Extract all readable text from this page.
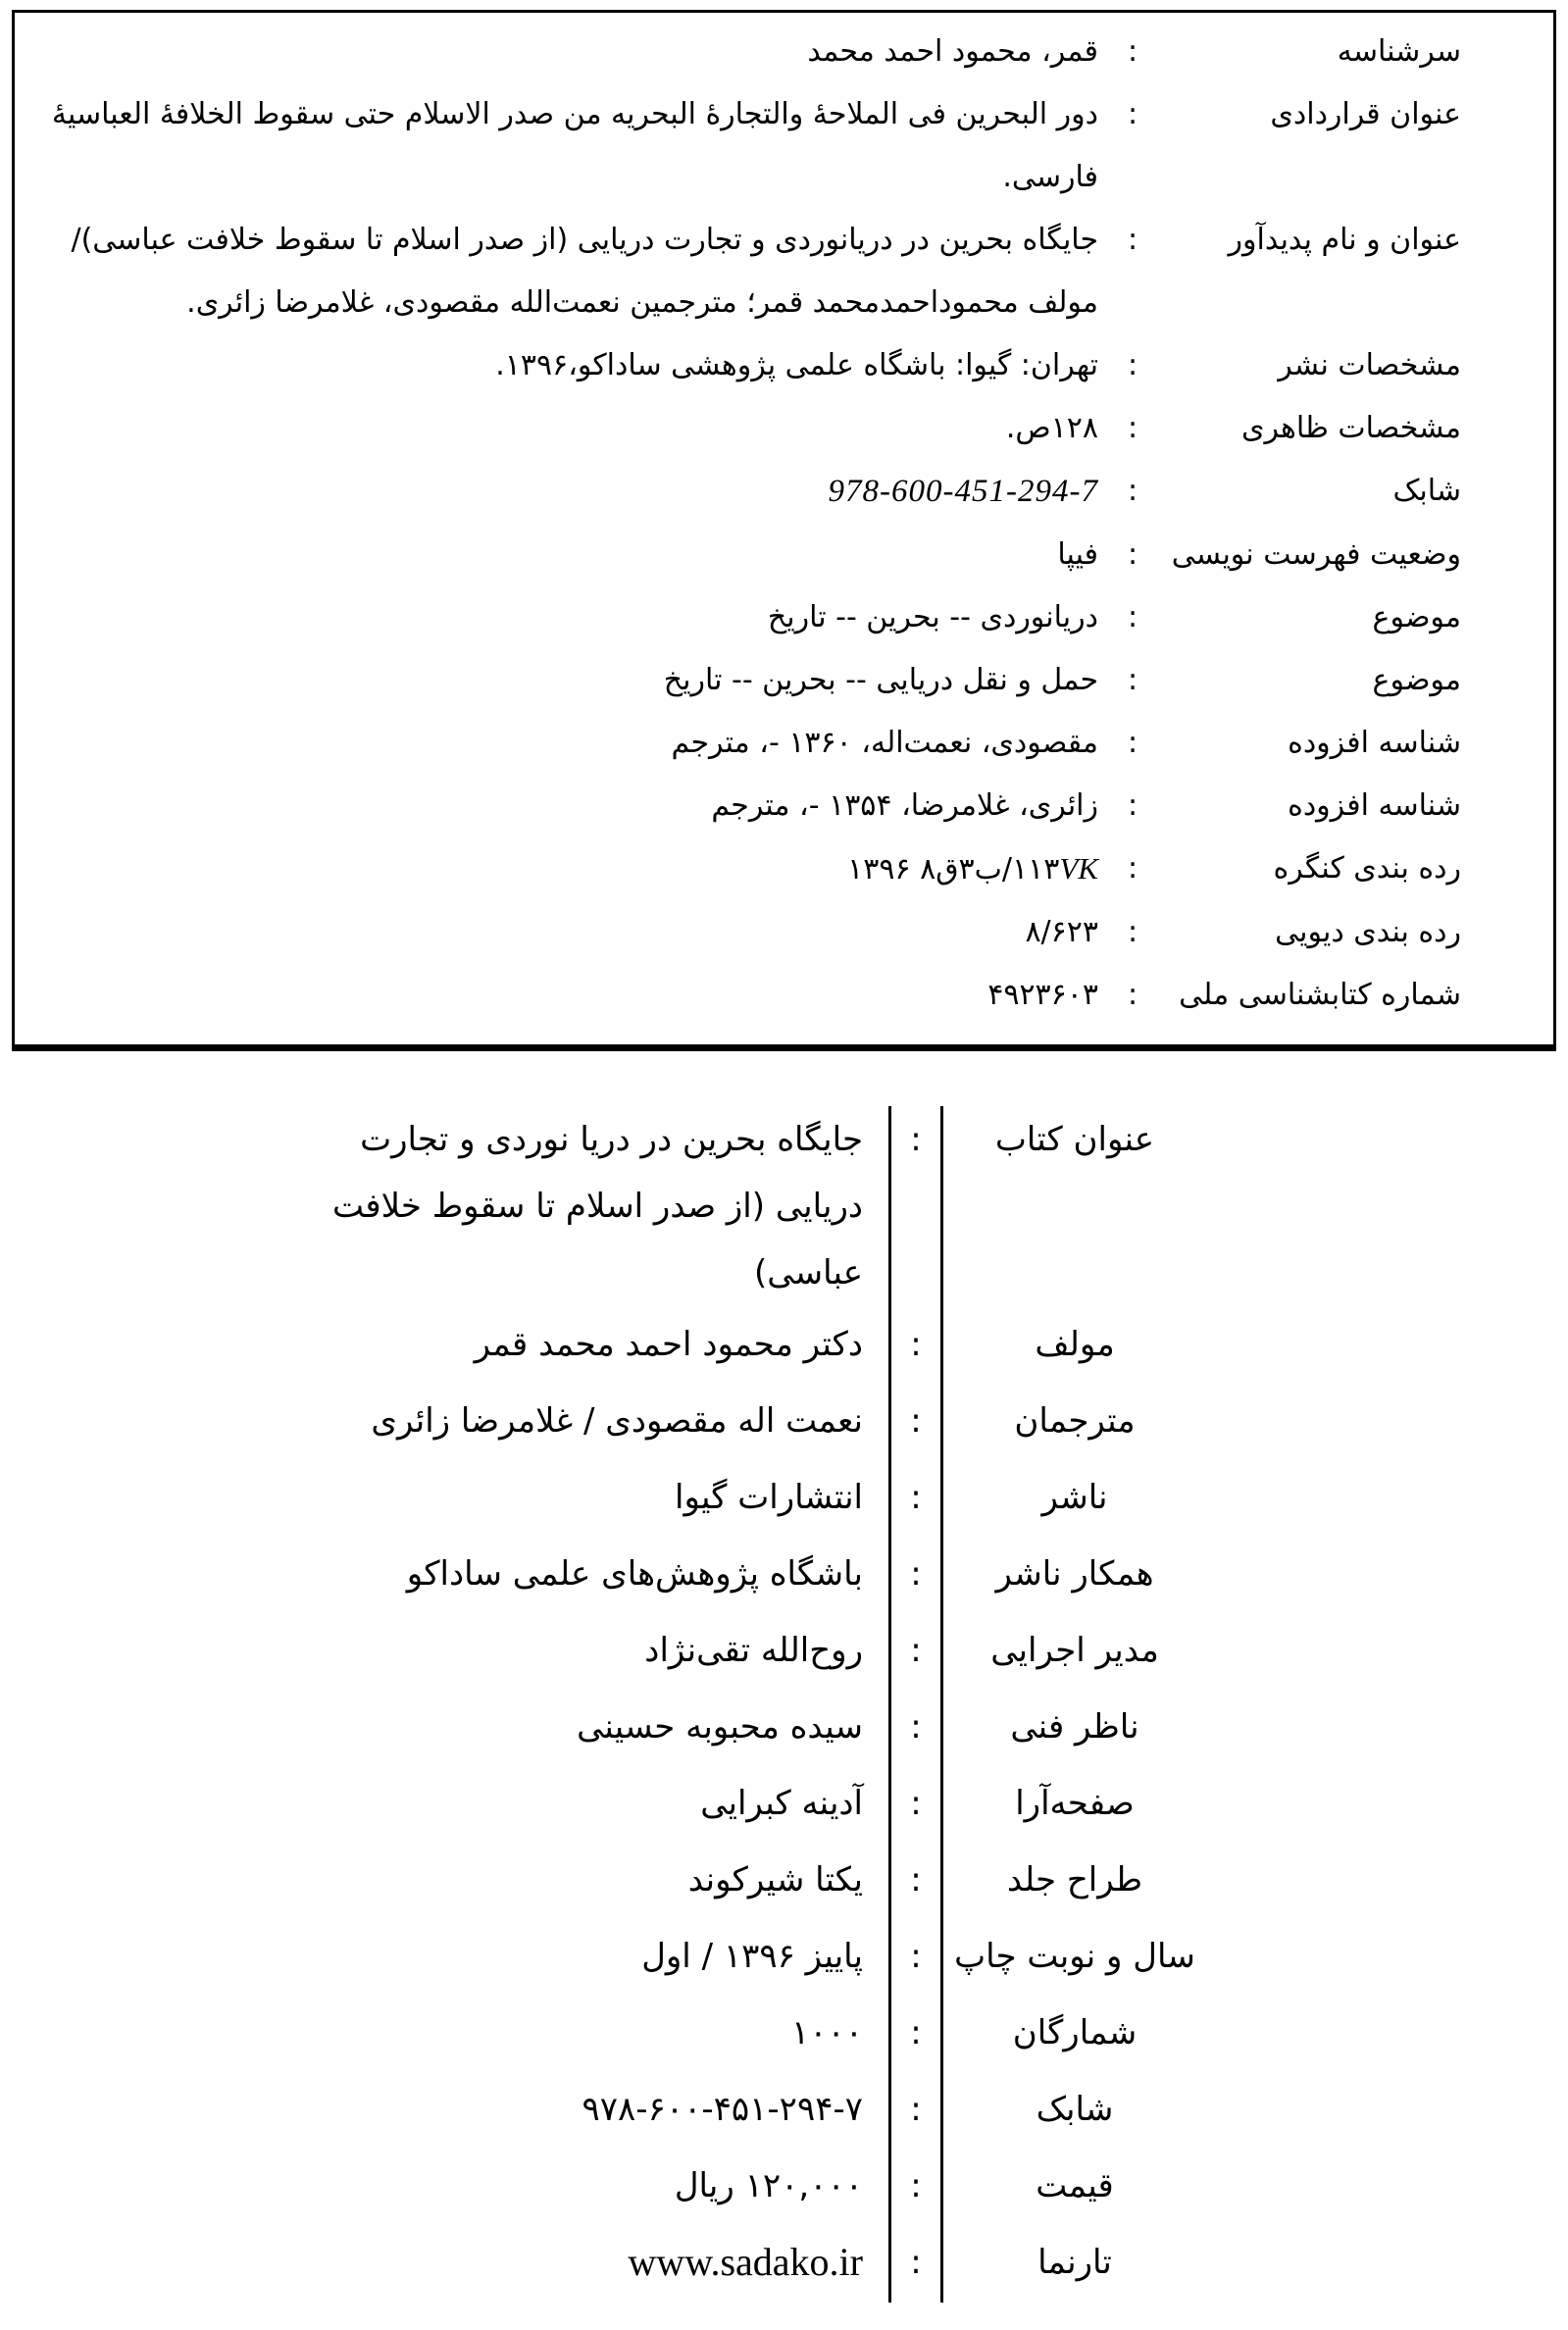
سرشناسه
:
قمر، محمود احمد محمد
عنوان قراردادی
:
دور البحرین فی الملاحهٔ والتجارهٔ البحریه من صدر الاسلام حتی سقوط الخلافهٔ العباسیهٔ
فارسی.
عنوان و نام پدیدآور
:
جایگاه بحرین در دریانوردی و تجارت دریایی (از صدر اسلام تا سقوط خلافت عباسی)/
مولف محموداحمدمحمد قمر؛ مترجمین نعمت‌الله مقصودی، غلامرضا زائری.
مشخصات نشر
:
تهران: گیوا: باشگاه علمی پژوهشی ساداکو،۱۳۹۶.
مشخصات ظاهری
:
۱۲۸ص.
شابک
:
978-600-451-294-7
وضعیت فهرست نویسی
:
فیپا
موضوع
:
دریانوردی -- بحرین -- تاریخ
موضوع
:
حمل و نقل دریایی -- بحرین -- تاریخ
شناسه افزوده
:
مقصودی، نعمت‌اله، ۱۳۶۰ -، مترجم
شناسه افزوده
:
زائری، غلامرضا، ۱۳۵۴ -، مترجم
رده بندی کنگره
:
۱۱۳VK/ب۳ق۸ ۱۳۹۶
رده بندی دیویی
:
۸/۶۲۳
شماره کتابشناسی ملی
:
۴۹۲۳۶۰۳
عنوان کتاب
:
جایگاه بحرین در دریا نوردی و تجارت
دریایی (از صدر اسلام تا سقوط خلافت
عباسی)
مولف
:
دکتر محمود احمد محمد قمر
مترجمان
:
نعمت اله مقصودی / غلامرضا زائری
ناشر
:
انتشارات گیوا
همکار ناشر
:
باشگاه پژوهش‌های علمی ساداکو
مدیر اجرایی
:
روح‌الله تقی‌نژاد
ناظر فنی
:
سیده محبوبه حسینی
صفحه‌آرا
:
آدینه کبرایی
طراح جلد
:
یکتا شیرکوند
سال و نوبت چاپ
:
پاییز ۱۳۹۶ / اول
شمارگان
:
۱۰۰۰
شابک
:
۹۷۸-۶۰۰-۴۵۱-۲۹۴-۷
قیمت
:
۱۲۰,۰۰۰ ریال
تارنما
:
www.sadako.ir
